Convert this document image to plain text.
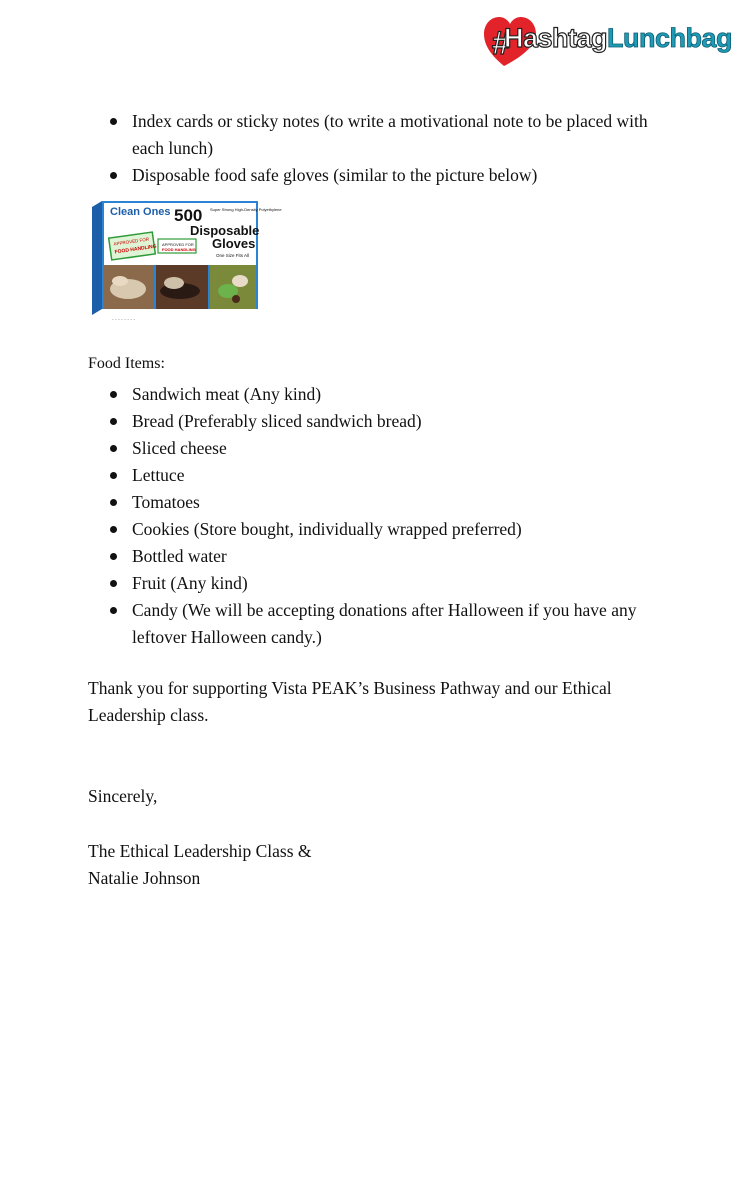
#
HashtagLunchbag
Index cards or sticky notes (to write a motivational note to be placed with each lunch)
Disposable food safe gloves (similar to the picture below)
Clean Ones 500 Super Strong High-Density Polyethylene
Disposable
Gloves
One Size Fits All
APPROVED FOR
FOOD HANDLING APPROVED FOR
FOOD HANDLING
- - - - - - - -
Food Items:
Sandwich meat (Any kind)
Bread (Preferably sliced sandwich bread)
Sliced cheese
Lettuce
Tomatoes
Cookies (Store bought, individually wrapped preferred)
Bottled water
Fruit (Any kind)
Candy (We will be accepting donations after Halloween if you have any leftover Halloween candy.)

Thank you for supporting Vista PEAK’s Business Pathway and our Ethical Leadership class.

Sincerely,

The Ethical Leadership Class &

Natalie Johnson
